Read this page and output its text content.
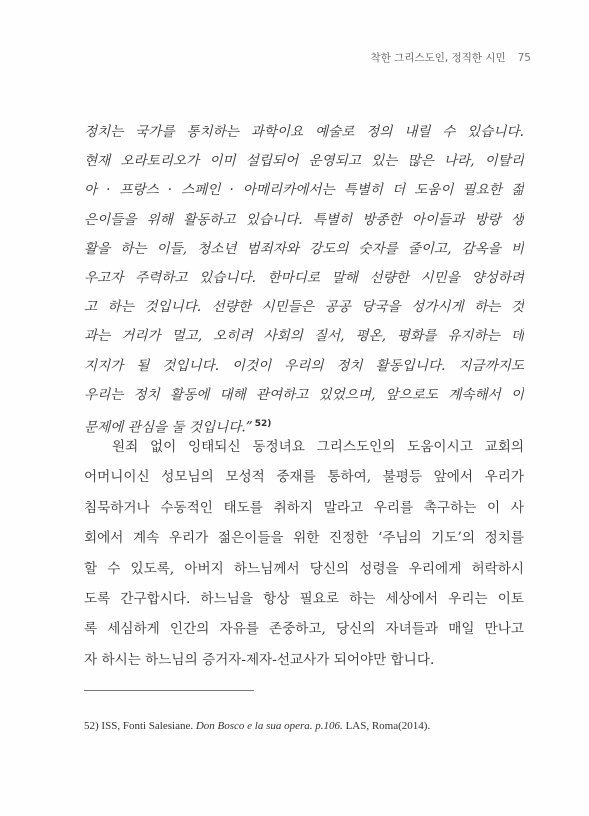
착한 그리스도인, 정직한 시민 75
정치는 국가를 통치하는 과학이요 예술로 정의 내릴 수 있습니다.
현재 오라토리오가 이미 설립되어 운영되고 있는 많은 나라, 이탈리
아 · 프랑스 · 스페인 · 아메리카에서는 특별히 더 도움이 필요한 젊
은이들을 위해 활동하고 있습니다. 특별히 방종한 아이들과 방랑 생
활을 하는 이들, 청소년 범죄자와 강도의 숫자를 줄이고, 감옥을 비
우고자 주력하고 있습니다. 한마디로 말해 선량한 시민을 양성하려
고 하는 것입니다. 선량한 시민들은 공공 당국을 성가시게 하는 것
과는 거리가 멀고, 오히려 사회의 질서, 평온, 평화를 유지하는 데
지지가 될 것입니다. 이것이 우리의 정치 활동입니다. 지금까지도
우리는 정치 활동에 대해 관여하고 있었으며, 앞으로도 계속해서 이
문제에 관심을 둘 것입니다.” $^{52)}$
원죄 없이 잉태되신 동정녀요 그리스도인의 도움이시고 교회의
어머니이신 성모님의 모성적 중재를 통하여, 불평등 앞에서 우리가
침묵하거나 수동적인 태도를 취하지 말라고 우리를 촉구하는 이 사
회에서 계속 우리가 젊은이들을 위한 진정한 ‘주님의 기도’의 정치를
할 수 있도록, 아버지 하느님께서 당신의 성령을 우리에게 허락하시
도록 간구합시다. 하느님을 항상 필요로 하는 세상에서 우리는 이토
록 세심하게 인간의 자유를 존중하고, 당신의 자녀들과 매일 만나고
자 하시는 하느님의 증거자-제자-선교사가 되어야만 합니다.
52) ISS, Fonti Salesiane. Don Bosco e la sua opera. p.106. LAS, Roma(2014).
